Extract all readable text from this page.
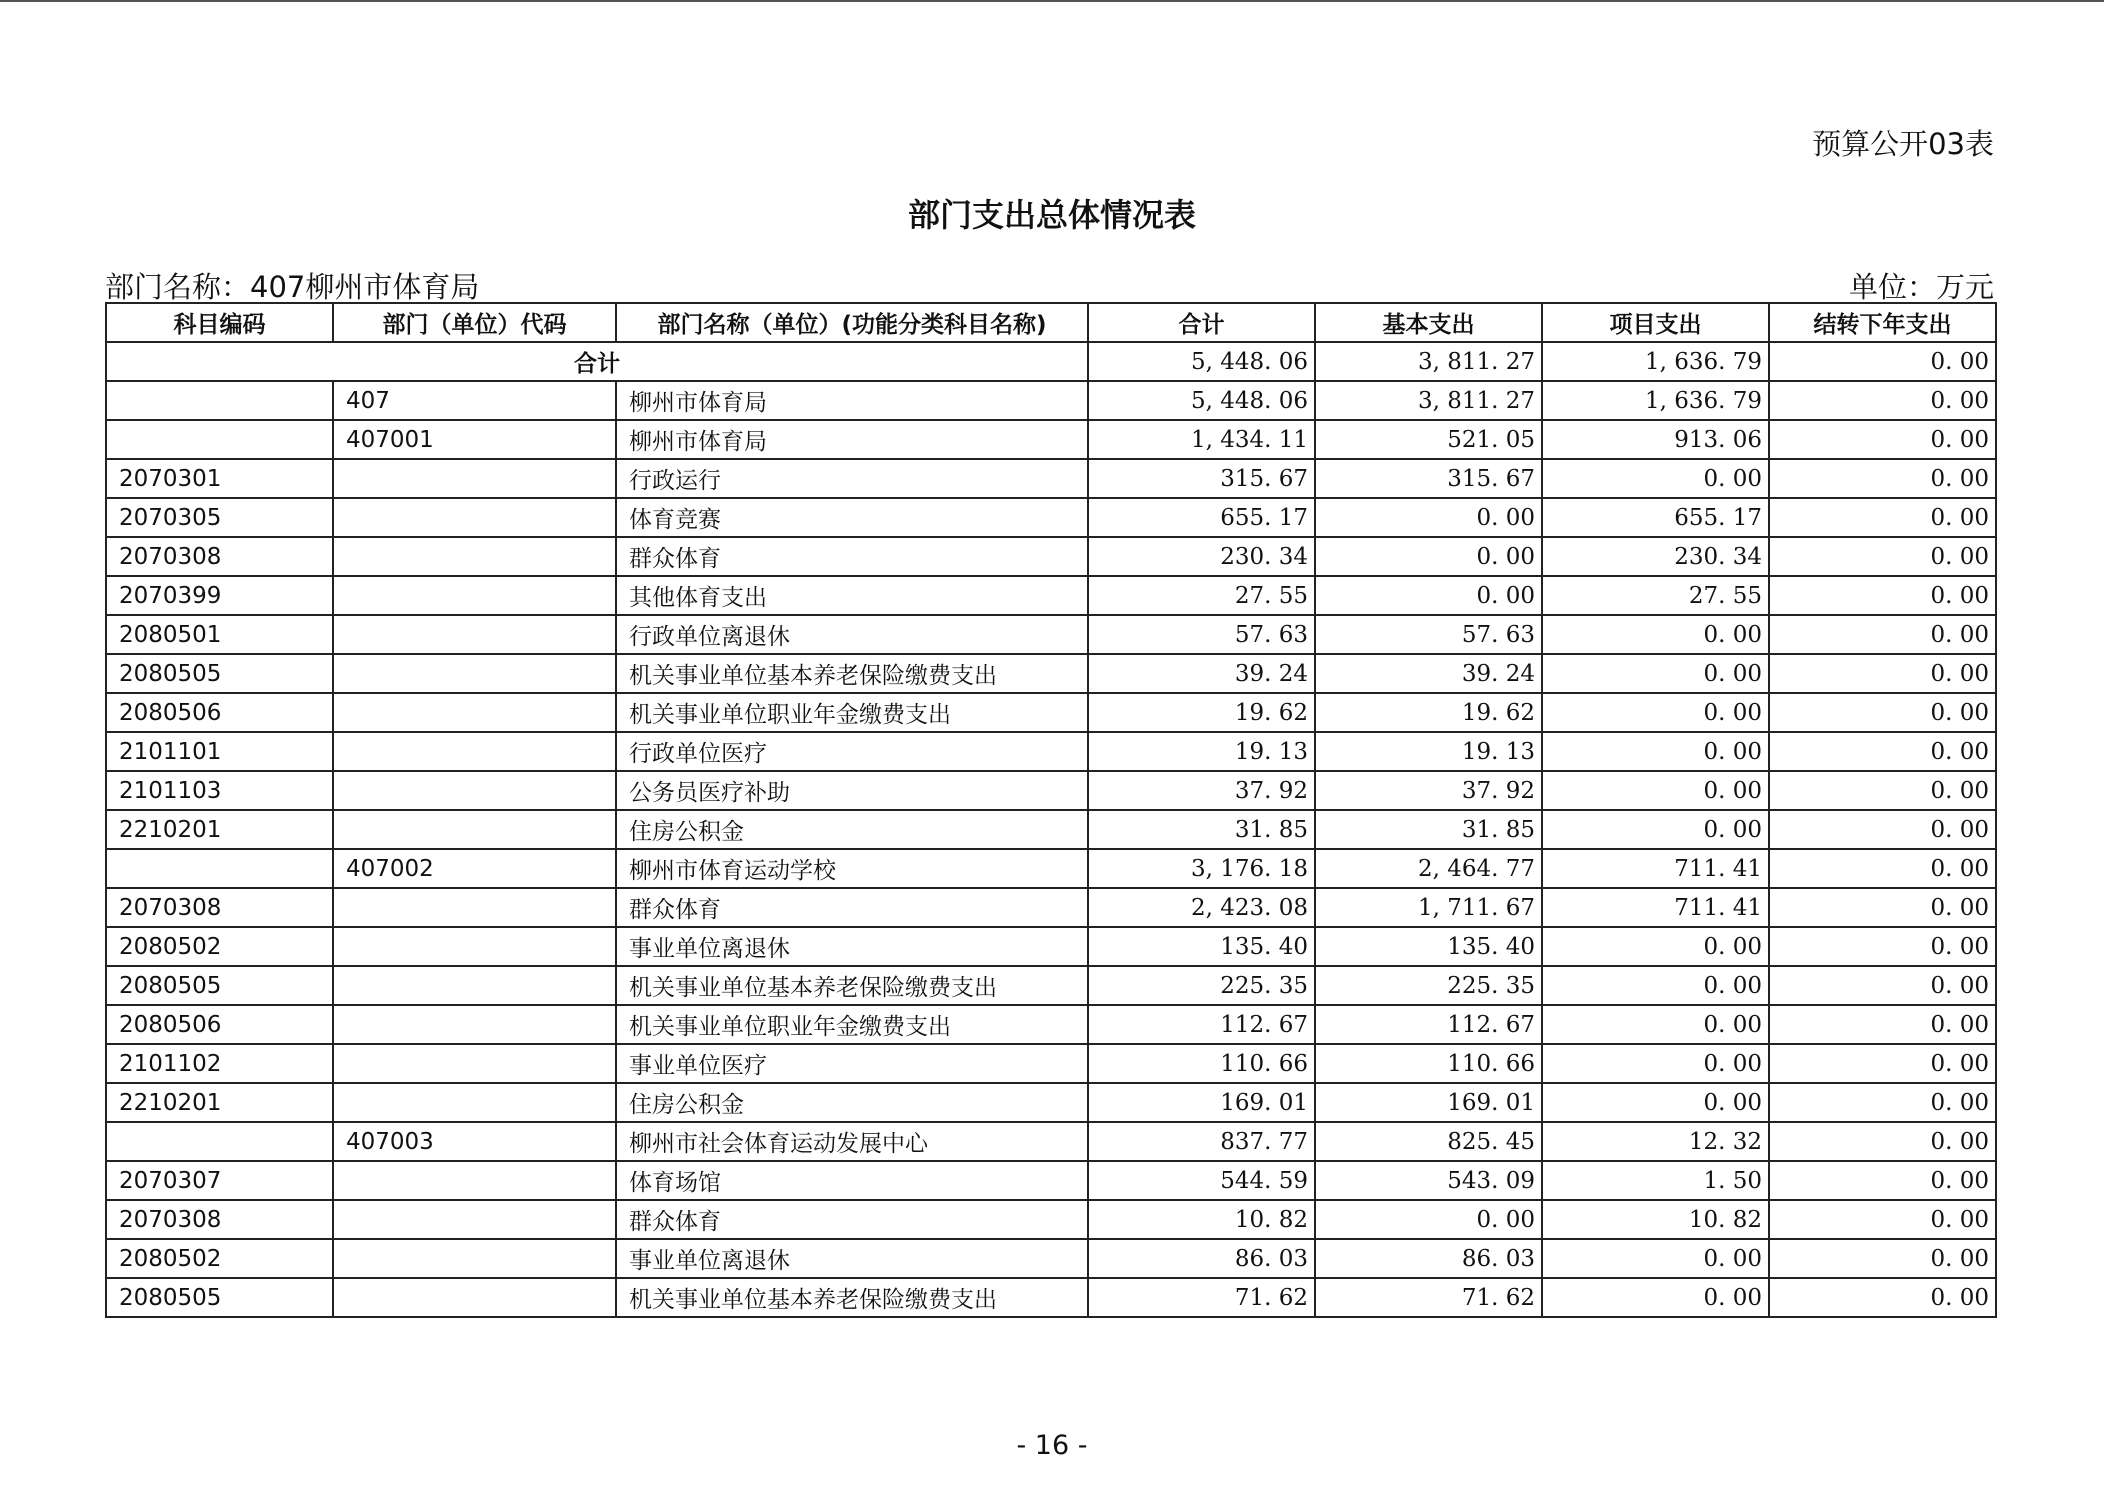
预算公开03表
部门支出总体情况表
部门名称：407柳州市体育局	单位：万元
科目编码	部门（单位）代码	部门名称（单位）(功能分类科目名称)	合计	基本支出	项目支出	结转下年支出
合计			5, 448. 06	3, 811. 27	1, 636. 79	0. 00
	407	柳州市体育局	5, 448. 06	3, 811. 27	1, 636. 79	0. 00
	407001	柳州市体育局	1, 434. 11	521. 05	913. 06	0. 00
2070301		行政运行	315. 67	315. 67	0. 00	0. 00
2070305		体育竞赛	655. 17	0. 00	655. 17	0. 00
2070308		群众体育	230. 34	0. 00	230. 34	0. 00
2070399		其他体育支出	27. 55	0. 00	27. 55	0. 00
2080501		行政单位离退休	57. 63	57. 63	0. 00	0. 00
2080505		机关事业单位基本养老保险缴费支出	39. 24	39. 24	0. 00	0. 00
2080506		机关事业单位职业年金缴费支出	19. 62	19. 62	0. 00	0. 00
2101101		行政单位医疗	19. 13	19. 13	0. 00	0. 00
2101103		公务员医疗补助	37. 92	37. 92	0. 00	0. 00
2210201		住房公积金	31. 85	31. 85	0. 00	0. 00
	407002	柳州市体育运动学校	3, 176. 18	2, 464. 77	711. 41	0. 00
2070308		群众体育	2, 423. 08	1, 711. 67	711. 41	0. 00
2080502		事业单位离退休	135. 40	135. 40	0. 00	0. 00
2080505		机关事业单位基本养老保险缴费支出	225. 35	225. 35	0. 00	0. 00
2080506		机关事业单位职业年金缴费支出	112. 67	112. 67	0. 00	0. 00
2101102		事业单位医疗	110. 66	110. 66	0. 00	0. 00
2210201		住房公积金	169. 01	169. 01	0. 00	0. 00
	407003	柳州市社会体育运动发展中心	837. 77	825. 45	12. 32	0. 00
2070307		体育场馆	544. 59	543. 09	1. 50	0. 00
2070308		群众体育	10. 82	0. 00	10. 82	0. 00
2080502		事业单位离退休	86. 03	86. 03	0. 00	0. 00
2080505		机关事业单位基本养老保险缴费支出	71. 62	71. 62	0. 00	0. 00
- 16 -
